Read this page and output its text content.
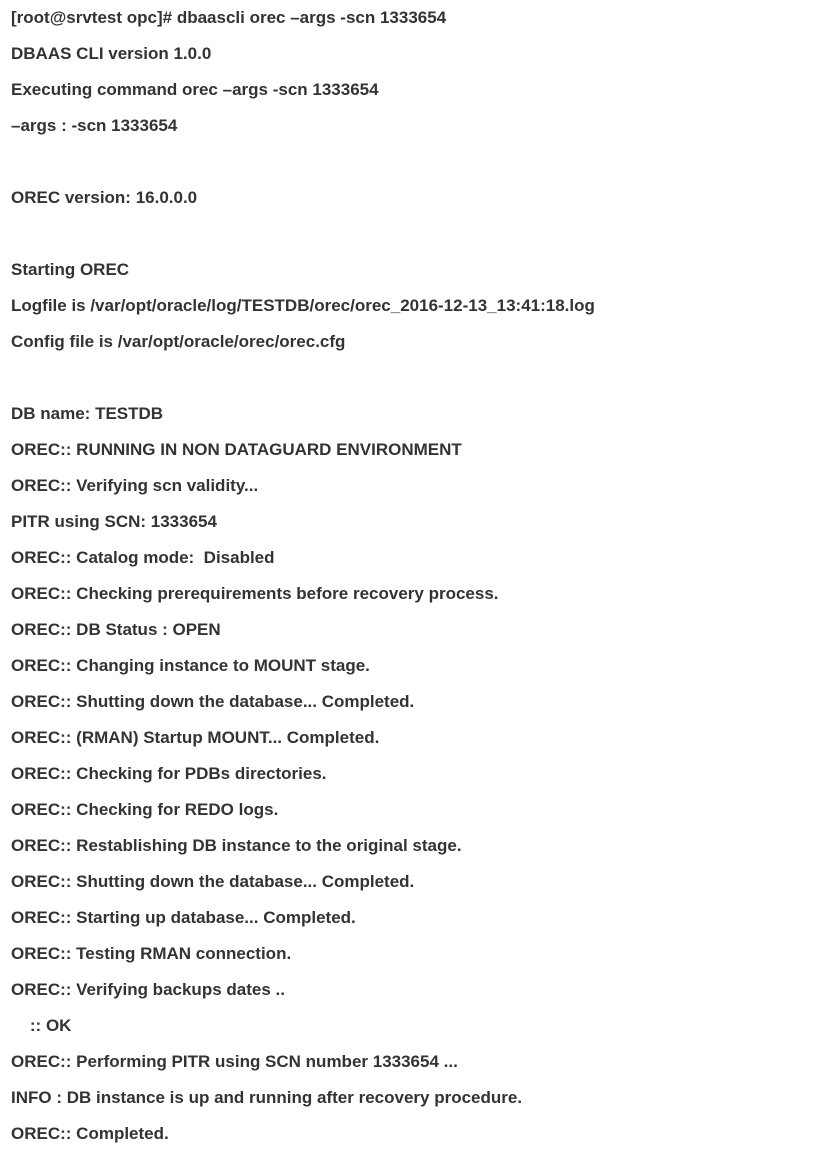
[root@srvtest opc]# dbaascli orec –args -scn 1333654
DBAAS CLI version 1.0.0
Executing command orec –args -scn 1333654
–args : -scn 1333654
OREC version: 16.0.0.0
Starting OREC
Logfile is /var/opt/oracle/log/TESTDB/orec/orec_2016-12-13_13:41:18.log
Config file is /var/opt/oracle/orec/orec.cfg
DB name: TESTDB
OREC:: RUNNING IN NON DATAGUARD ENVIRONMENT
OREC:: Verifying scn validity...
PITR using SCN: 1333654
OREC:: Catalog mode:  Disabled
OREC:: Checking prerequirements before recovery process.
OREC:: DB Status : OPEN
OREC:: Changing instance to MOUNT stage.
OREC:: Shutting down the database... Completed.
OREC:: (RMAN) Startup MOUNT... Completed.
OREC:: Checking for PDBs directories.
OREC:: Checking for REDO logs.
OREC:: Restablishing DB instance to the original stage.
OREC:: Shutting down the database... Completed.
OREC:: Starting up database... Completed.
OREC:: Testing RMAN connection.
OREC:: Verifying backups dates ..
:: OK
OREC:: Performing PITR using SCN number 1333654 ...
INFO : DB instance is up and running after recovery procedure.
OREC:: Completed.
